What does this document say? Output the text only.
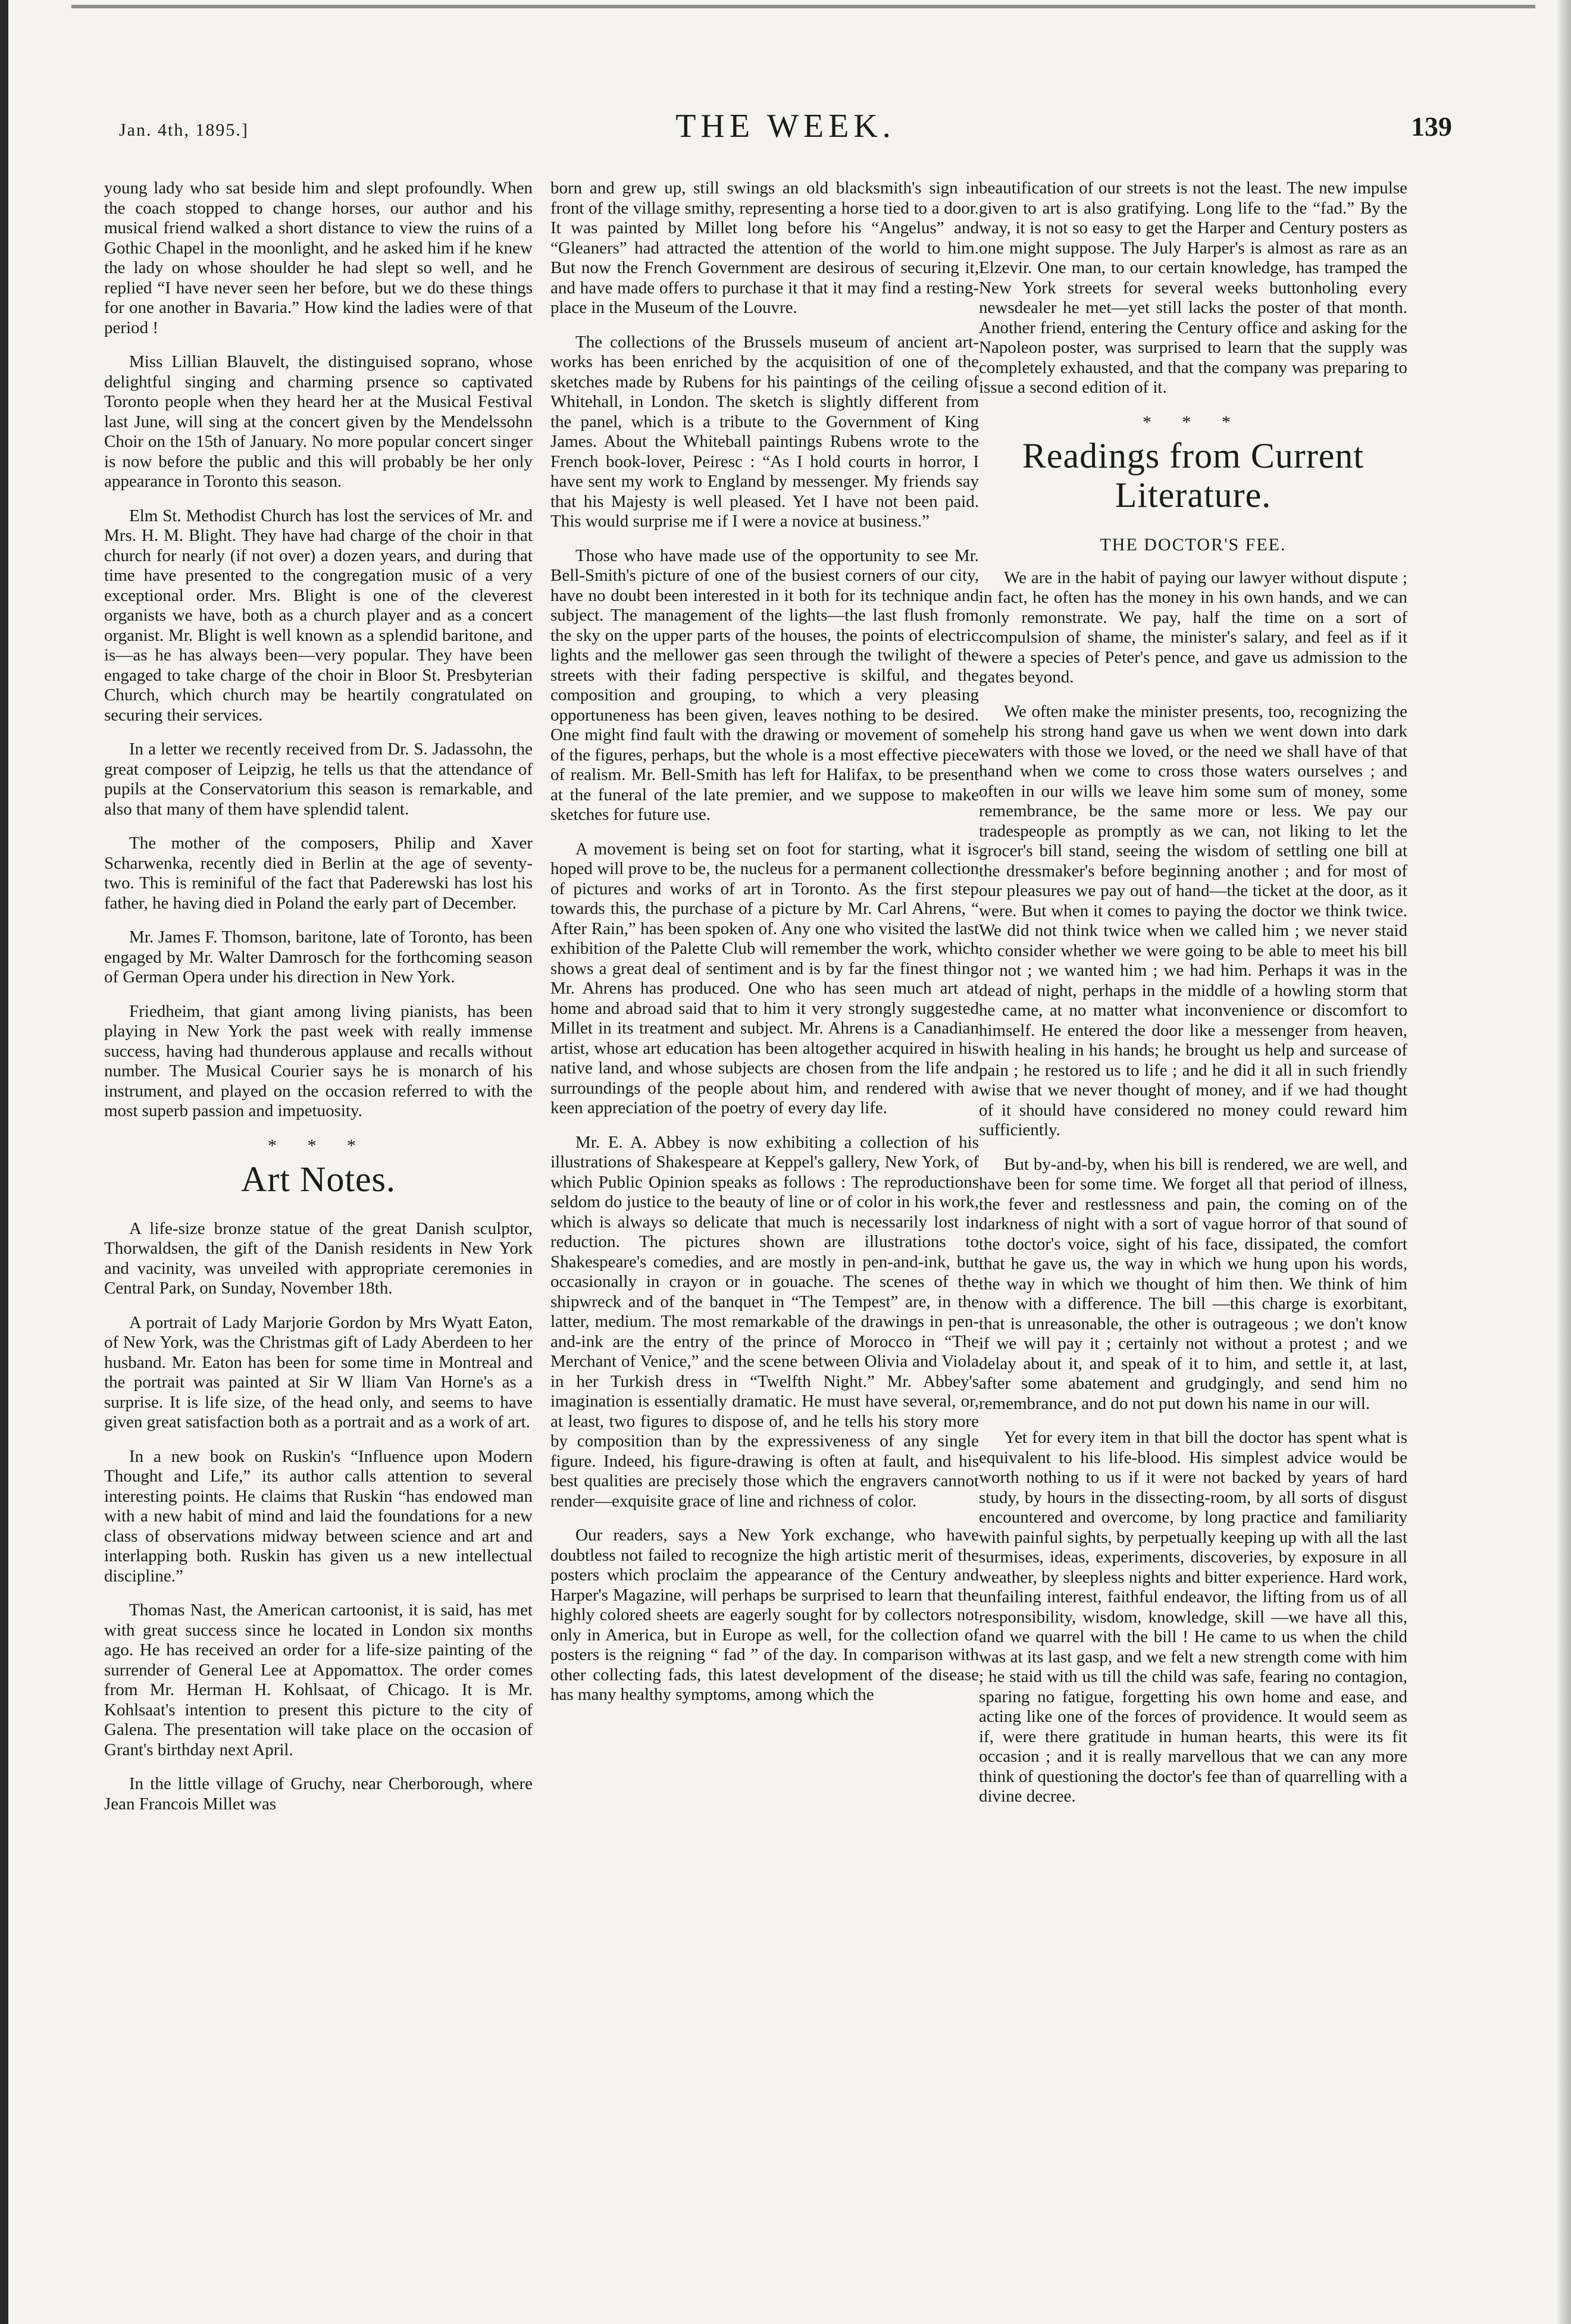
Jan. 4th, 1895.]	THE WEEK.	139

young lady who sat beside him and slept profoundly. When the coach stopped to change horses, our author and his musical friend walked a short distance to view the ruins of a Gothic Chapel in the moonlight, and he asked him if he knew the lady on whose shoulder he had slept so well, and he replied “I have never seen her before, but we do these things for one another in Bavaria.” How kind the ladies were of that period !

Miss Lillian Blauvelt, the distinguised soprano, whose delightful singing and charming prsence so captivated Toronto people when they heard her at the Musical Festival last June, will sing at the concert given by the Mendelssohn Choir on the 15th of January. No more popular concert singer is now before the public and this will probably be her only appearance in Toronto this season.

Elm St. Methodist Church has lost the services of Mr. and Mrs. H. M. Blight. They have had charge of the choir in that church for nearly (if not over) a dozen years, and during that time have presented to the congregation music of a very exceptional order. Mrs. Blight is one of the cleverest organists we have, both as a church player and as a concert organist. Mr. Blight is well known as a splendid baritone, and is—as he has always been—very popular. They have been engaged to take charge of the choir in Bloor St. Presbyterian Church, which church may be heartily congratulated on securing their services.

In a letter we recently received from Dr. S. Jadassohn, the great composer of Leipzig, he tells us that the attendance of pupils at the Conservatorium this season is remarkable, and also that many of them have splendid talent.

The mother of the composers, Philip and Xaver Scharwenka, recently died in Berlin at the age of seventy-two. This is reminiful of the fact that Paderewski has lost his father, he having died in Poland the early part of December.

Mr. James F. Thomson, baritone, late of Toronto, has been engaged by Mr. Walter Damrosch for the forthcoming season of German Opera under his direction in New York.

Friedheim, that giant among living pianists, has been playing in New York the past week with really immense success, having had thunderous applause and recalls without number. The Musical Courier says he is monarch of his instrument, and played on the occasion referred to with the most superb passion and impetuosity.

* * *
Art Notes.

A life-size bronze statue of the great Danish sculptor, Thorwaldsen, the gift of the Danish residents in New York and vacinity, was unveiled with appropriate ceremonies in Central Park, on Sunday, November 18th.

A portrait of Lady Marjorie Gordon by Mrs Wyatt Eaton, of New York, was the Christmas gift of Lady Aberdeen to her husband. Mr. Eaton has been for some time in Montreal and the portrait was painted at Sir W lliam Van Horne's as a surprise. It is life size, of the head only, and seems to have given great satisfaction both as a portrait and as a work of art.

In a new book on Ruskin's “Influence upon Modern Thought and Life,” its author calls attention to several interesting points. He claims that Ruskin “has endowed man with a new habit of mind and laid the foundations for a new class of observations midway between science and art and interlapping both. Ruskin has given us a new intellectual discipline.”

Thomas Nast, the American cartoonist, it is said, has met with great success since he located in London six months ago. He has received an order for a life-size painting of the surrender of General Lee at Appomattox. The order comes from Mr. Herman H. Kohlsaat, of Chicago. It is Mr. Kohlsaat's intention to present this picture to the city of Galena. The presentation will take place on the occasion of Grant's birthday next April.

In the little village of Gruchy, near Cherborough, where Jean Francois Millet was

born and grew up, still swings an old blacksmith's sign in front of the village smithy, representing a horse tied to a door. It was painted by Millet long before his “Angelus” and “Gleaners” had attracted the attention of the world to him. But now the French Government are desirous of securing it, and have made offers to purchase it that it may find a resting-place in the Museum of the Louvre.

The collections of the Brussels museum of ancient art-works has been enriched by the acquisition of one of the sketches made by Rubens for his paintings of the ceiling of Whitehall, in London. The sketch is slightly different from the panel, which is a tribute to the Government of King James. About the Whiteball paintings Rubens wrote to the French book-lover, Peiresc : “As I hold courts in horror, I have sent my work to England by messenger. My friends say that his Majesty is well pleased. Yet I have not been paid. This would surprise me if I were a novice at business.”

Those who have made use of the opportunity to see Mr. Bell-Smith's picture of one of the busiest corners of our city, have no doubt been interested in it both for its technique and subject. The management of the lights—the last flush from the sky on the upper parts of the houses, the points of electric lights and the mellower gas seen through the twilight of the streets with their fading perspective is skilful, and the composition and grouping, to which a very pleasing opportuneness has been given, leaves nothing to be desired. One might find fault with the drawing or movement of some of the figures, perhaps, but the whole is a most effective piece of realism. Mr. Bell-Smith has left for Halifax, to be present at the funeral of the late premier, and we suppose to make sketches for future use.

A movement is being set on foot for starting, what it is hoped will prove to be, the nucleus for a permanent collection of pictures and works of art in Toronto. As the first step towards this, the purchase of a picture by Mr. Carl Ahrens, “ After Rain,” has been spoken of. Any one who visited the last exhibition of the Palette Club will remember the work, which shows a great deal of sentiment and is by far the finest thing Mr. Ahrens has produced. One who has seen much art at home and abroad said that to him it very strongly suggested Millet in its treatment and subject. Mr. Ahrens is a Canadian artist, whose art education has been altogether acquired in his native land, and whose subjects are chosen from the life and surroundings of the people about him, and rendered with a keen appreciation of the poetry of every day life.

Mr. E. A. Abbey is now exhibiting a collection of his illustrations of Shakespeare at Keppel's gallery, New York, of which Public Opinion speaks as follows : The reproductions seldom do justice to the beauty of line or of color in his work, which is always so delicate that much is necessarily lost in reduction. The pictures shown are illustrations to Shakespeare's comedies, and are mostly in pen-and-ink, but occasionally in crayon or in gouache. The scenes of the shipwreck and of the banquet in “The Tempest” are, in the latter, medium. The most remarkable of the drawings in pen-and-ink are the entry of the prince of Morocco in “The Merchant of Venice,” and the scene between Olivia and Viola in her Turkish dress in “Twelfth Night.” Mr. Abbey's imagination is essentially dramatic. He must have several, or, at least, two figures to dispose of, and he tells his story more by composition than by the expressiveness of any single figure. Indeed, his figure-drawing is often at fault, and his best qualities are precisely those which the engravers cannot render—exquisite grace of line and richness of color.

Our readers, says a New York exchange, who have doubtless not failed to recognize the high artistic merit of the posters which proclaim the appearance of the Century and Harper's Magazine, will perhaps be surprised to learn that the highly colored sheets are eagerly sought for by collectors not only in America, but in Europe as well, for the collection of posters is the reigning “ fad ” of the day. In comparison with other collecting fads, this latest development of the disease has many healthy symptoms, among which the

beautification of our streets is not the least. The new impulse given to art is also gratifying. Long life to the “fad.” By the way, it is not so easy to get the Harper and Century posters as one might suppose. The July Harper's is almost as rare as an Elzevir. One man, to our certain knowledge, has tramped the New York streets for several weeks buttonholing every newsdealer he met—yet still lacks the poster of that month. Another friend, entering the Century office and asking for the Napoleon poster, was surprised to learn that the supply was completely exhausted, and that the company was preparing to issue a second edition of it.

* * *
Readings from Current Literature.
THE DOCTOR'S FEE.

We are in the habit of paying our lawyer without dispute ; in fact, he often has the money in his own hands, and we can only remonstrate. We pay, half the time on a sort of compulsion of shame, the minister's salary, and feel as if it were a species of Peter's pence, and gave us admission to the gates beyond.

We often make the minister presents, too, recognizing the help his strong hand gave us when we went down into dark waters with those we loved, or the need we shall have of that hand when we come to cross those waters ourselves ; and often in our wills we leave him some sum of money, some remembrance, be the same more or less. We pay our tradespeople as promptly as we can, not liking to let the grocer's bill stand, seeing the wisdom of settling one bill at the dressmaker's before beginning another ; and for most of our pleasures we pay out of hand—the ticket at the door, as it were. But when it comes to paying the doctor we think twice. We did not think twice when we called him ; we never staid to consider whether we were going to be able to meet his bill or not ; we wanted him ; we had him. Perhaps it was in the dead of night, perhaps in the middle of a howling storm that he came, at no matter what inconvenience or discomfort to himself. He entered the door like a messenger from heaven, with healing in his hands; he brought us help and surcease of pain ; he restored us to life ; and he did it all in such friendly wise that we never thought of money, and if we had thought of it should have considered no money could reward him sufficiently.

But by-and-by, when his bill is rendered, we are well, and have been for some time. We forget all that period of illness, the fever and restlessness and pain, the coming on of the darkness of night with a sort of vague horror of that sound of the doctor's voice, sight of his face, dissipated, the comfort that he gave us, the way in which we hung upon his words, the way in which we thought of him then. We think of him now with a difference. The bill —this charge is exorbitant, that is unreasonable, the other is outrageous ; we don't know if we will pay it ; certainly not without a protest ; and we delay about it, and speak of it to him, and settle it, at last, after some abatement and grudgingly, and send him no remembrance, and do not put down his name in our will.

Yet for every item in that bill the doctor has spent what is equivalent to his life-blood. His simplest advice would be worth nothing to us if it were not backed by years of hard study, by hours in the dissecting-room, by all sorts of disgust encountered and overcome, by long practice and familiarity with painful sights, by perpetually keeping up with all the last surmises, ideas, experiments, discoveries, by exposure in all weather, by sleepless nights and bitter experience. Hard work, unfailing interest, faithful endeavor, the lifting from us of all responsibility, wisdom, knowledge, skill —we have all this, and we quarrel with the bill ! He came to us when the child was at its last gasp, and we felt a new strength come with him ; he staid with us till the child was safe, fearing no contagion, sparing no fatigue, forgetting his own home and ease, and acting like one of the forces of providence. It would seem as if, were there gratitude in human hearts, this were its fit occasion ; and it is really marvellous that we can any more think of questioning the doctor's fee than of quarrelling with a divine decree.
